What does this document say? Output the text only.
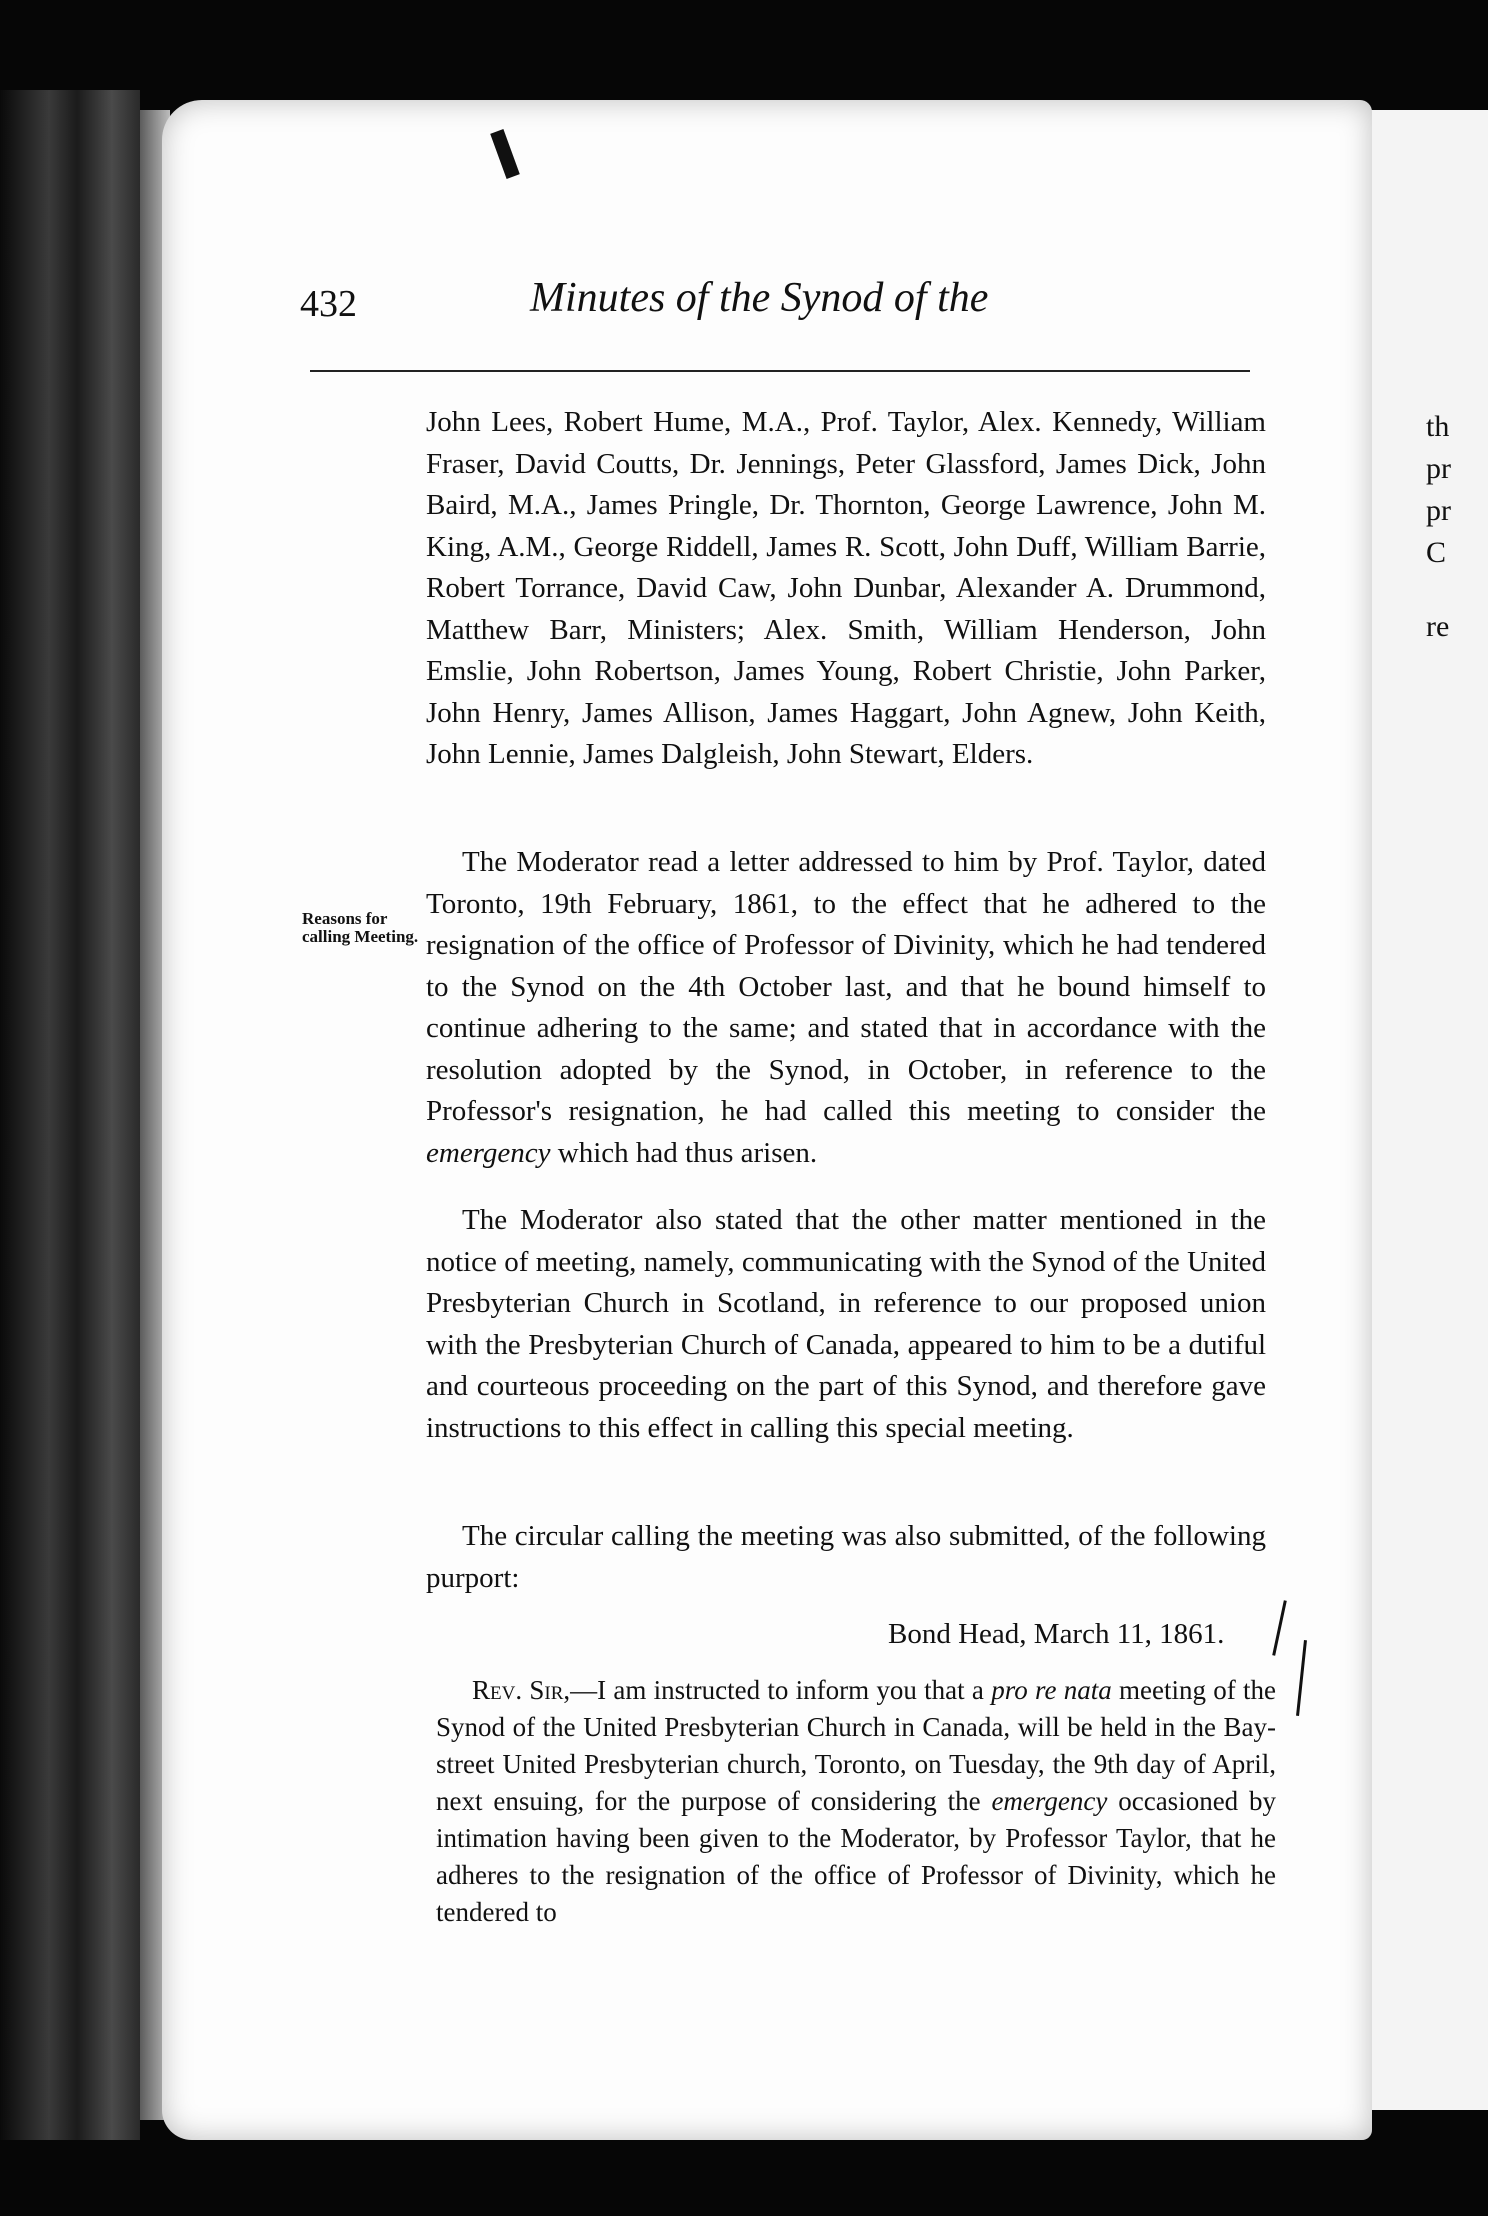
th
pr
pr
C
re
432	Minutes of the Synod of the

John Lees, Robert Hume, M.A., Prof. Taylor, Alex. Kennedy, William Fraser, David Coutts, Dr. Jennings, Peter Glassford, James Dick, John Baird, M.A., James Pringle, Dr. Thornton, George Lawrence, John M. King, A.M., George Riddell, James R. Scott, John Duff, William Barrie, Robert Torrance, David Caw, John Dunbar, Alexander A. Drummond, Matthew Barr, Ministers; Alex. Smith, William Henderson, John Emslie, John Robertson, James Young, Robert Christie, John Parker, John Henry, James Allison, James Haggart, John Agnew, John Keith, John Lennie, James Dalgleish, John Stewart, Elders.

Reasons for calling Meeting.

The Moderator read a letter addressed to him by Prof. Taylor, dated Toronto, 19th February, 1861, to the effect that he adhered to the resignation of the office of Professor of Divinity, which he had tendered to the Synod on the 4th October last, and that he bound himself to continue adhering to the same; and stated that in accordance with the resolution adopted by the Synod, in October, in reference to the Professor's resignation, he had called this meeting to consider the emergency which had thus arisen.

The Moderator also stated that the other matter mentioned in the notice of meeting, namely, communicating with the Synod of the United Presbyterian Church in Scotland, in reference to our proposed union with the Presbyterian Church of Canada, appeared to him to be a dutiful and courteous proceeding on the part of this Synod, and therefore gave instructions to this effect in calling this special meeting.

The circular calling the meeting was also submitted, of the following purport:

Bond Head, March 11, 1861.

Rev. Sir,—I am instructed to inform you that a pro re nata meeting of the Synod of the United Presbyterian Church in Canada, will be held in the Bay-street United Presbyterian church, Toronto, on Tuesday, the 9th day of April, next ensuing, for the purpose of considering the emergency occasioned by intimation having been given to the Moderator, by Professor Taylor, that he adheres to the resignation of the office of Professor of Divinity, which he tendered to
